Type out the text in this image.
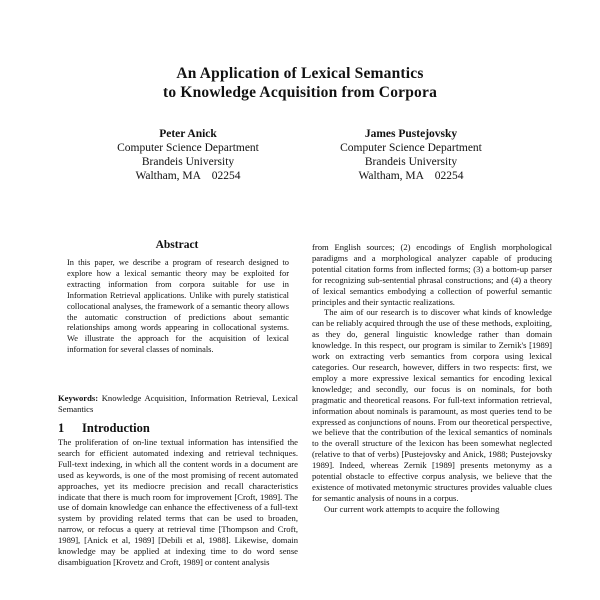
An Application of Lexical Semantics
to Knowledge Acquisition from Corpora
Peter Anick
Computer Science Department
Brandeis University
Waltham, MA    02254
James Pustejovsky
Computer Science Department
Brandeis University
Waltham, MA    02254
Abstract
In this paper, we describe a program of research designed to explore how a lexical semantic theory may be exploited for extracting information from corpora suitable for use in Information Retrieval applications. Unlike with purely statistical collocational analyses, the framework of a semantic theory allows the automatic construction of predictions about semantic relationships among words appearing in collocational systems. We illustrate the approach for the acquisition of lexical information for several classes of nominals.
Keywords: Knowledge Acquisition, Information Retrieval, Lexical Semantics
1 Introduction
The proliferation of on-line textual information has intensified the search for efficient automated indexing and retrieval techniques. Full-text indexing, in which all the content words in a document are used as keywords, is one of the most promising of recent automated approaches, yet its mediocre precision and recall characteristics indicate that there is much room for improvement [Croft, 1989]. The use of domain knowledge can enhance the effectiveness of a full-text system by providing related terms that can be used to broaden, narrow, or refocus a query at retrieval time [Thompson and Croft, 1989], [Anick et al, 1989] [Debili et al, 1988]. Likewise, domain knowledge may be applied at indexing time to do word sense disambiguation [Krovetz and Croft, 1989] or content analysis

from English sources; (2) encodings of English morphological paradigms and a morphological analyzer capable of producing potential citation forms from inflected forms; (3) a bottom-up parser for recognizing sub-sentential phrasal constructions; and (4) a theory of lexical semantics embodying a collection of powerful semantic principles and their syntactic realizations.

The aim of our research is to discover what kinds of knowledge can be reliably acquired through the use of these methods, exploiting, as they do, general linguistic knowledge rather than domain knowledge. In this respect, our program is similar to Zernik's [1989] work on extracting verb semantics from corpora using lexical categories. Our research, however, differs in two respects: first, we employ a more expressive lexical semantics for encoding lexical knowledge; and secondly, our focus is on nominals, for both pragmatic and theoretical reasons. For full-text information retrieval, information about nominals is paramount, as most queries tend to be expressed as conjunctions of nouns. From our theoretical perspective, we believe that the contribution of the lexical semantics of nominals to the overall structure of the lexicon has been somewhat neglected (relative to that of verbs) [Pustejovsky and Anick, 1988; Pustejovsky 1989]. Indeed, whereas Zernik [1989] presents metonymy as a potential obstacle to effective corpus analysis, we believe that the existence of motivated metonymic structures provides valuable clues for semantic analysis of nouns in a corpus.

Our current work attempts to acquire the following
